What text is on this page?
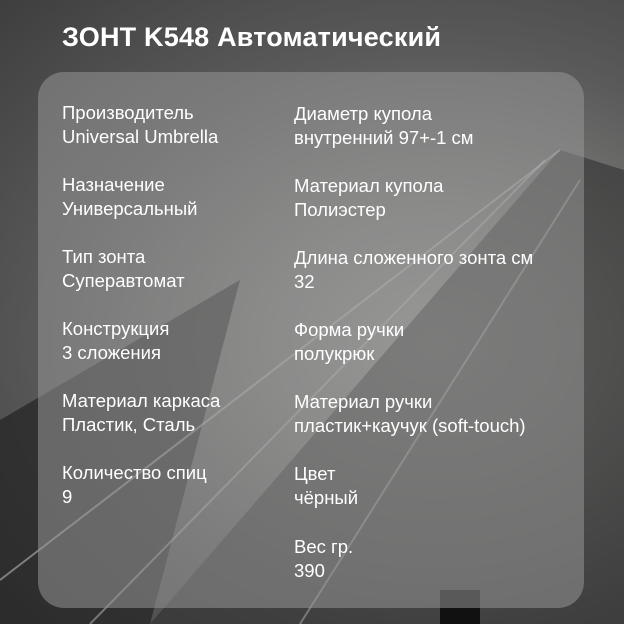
ЗОНТ K548 Автоматический
Производитель
Universal Umbrella
Назначение
Универсальный
Тип зонта
Суперавтомат
Конструкция
3 сложения
Материал каркаса
Пластик, Сталь
Количество спиц
9
Диаметр купола
внутренний 97+-1 см
Материал купола
Полиэстер
Длина сложенного зонта см
32
Форма ручки
полукрюк
Материал ручки
пластик+каучук (soft-touch)
Цвет
чёрный
Вес гр.
390
